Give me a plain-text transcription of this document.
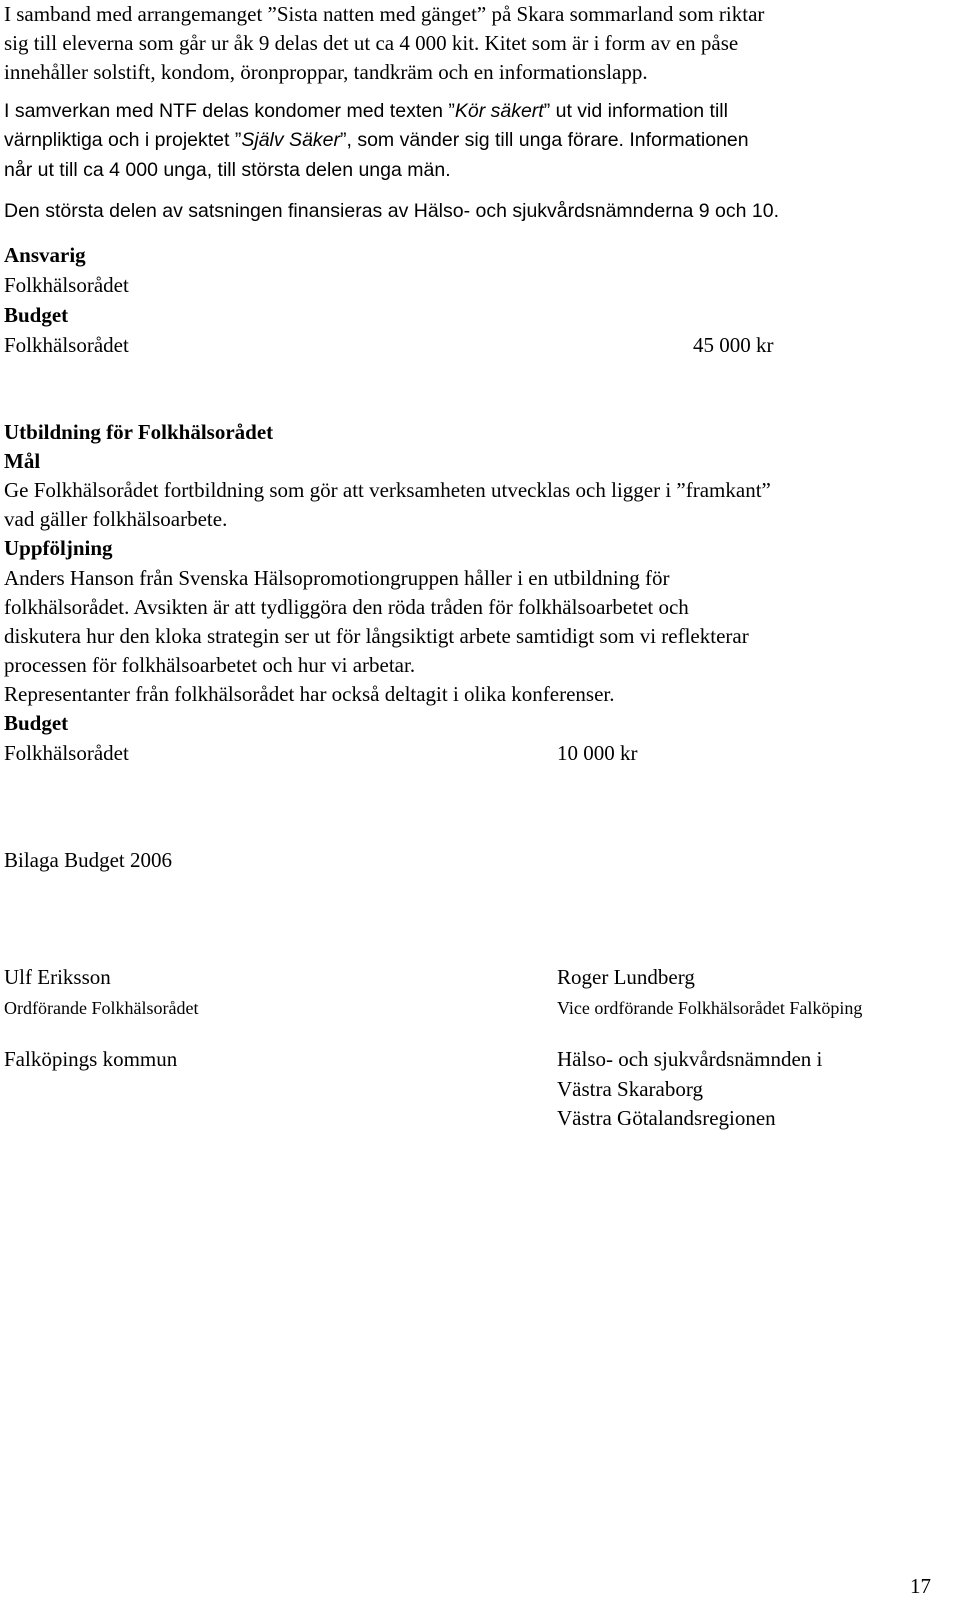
I samband med arrangemanget ”Sista natten med gänget” på Skara sommarland som riktar
sig till eleverna som går ur åk 9 delas det ut ca 4 000 kit. Kitet som är i form av en påse
innehåller solstift, kondom, öronproppar, tandkräm och en informationslapp.
I samverkan med NTF delas kondomer med texten ”Kör säkert” ut vid information till
värnpliktiga och i projektet ”Själv Säker”, som vänder sig till unga förare. Informationen
når ut till ca 4 000 unga, till största delen unga män.
Den största delen av satsningen finansieras av Hälso- och sjukvårdsnämnderna 9 och 10.
Ansvarig
Folkhälsorådet
Budget
Folkhälsorådet	45 000 kr
Utbildning för Folkhälsorådet
Mål
Ge Folkhälsorådet fortbildning som gör att verksamheten utvecklas och ligger i ”framkant”
vad gäller folkhälsoarbete.
Uppföljning
Anders Hanson från Svenska Hälsopromotiongruppen håller i en utbildning för
folkhälsorådet. Avsikten är att tydliggöra den röda tråden för folkhälsoarbetet och
diskutera hur den kloka strategin ser ut för långsiktigt arbete samtidigt som vi reflekterar
processen för folkhälsoarbetet och hur vi arbetar.
Representanter från folkhälsorådet har också deltagit i olika konferenser.
Budget
Folkhälsorådet	10 000 kr
Bilaga Budget 2006
Ulf Eriksson
Ordförande Folkhälsorådet
Falköpings kommun
Roger Lundberg
Vice ordförande Folkhälsorådet Falköping
Hälso- och sjukvårdsnämnden i
Västra Skaraborg
Västra Götalandsregionen
17
